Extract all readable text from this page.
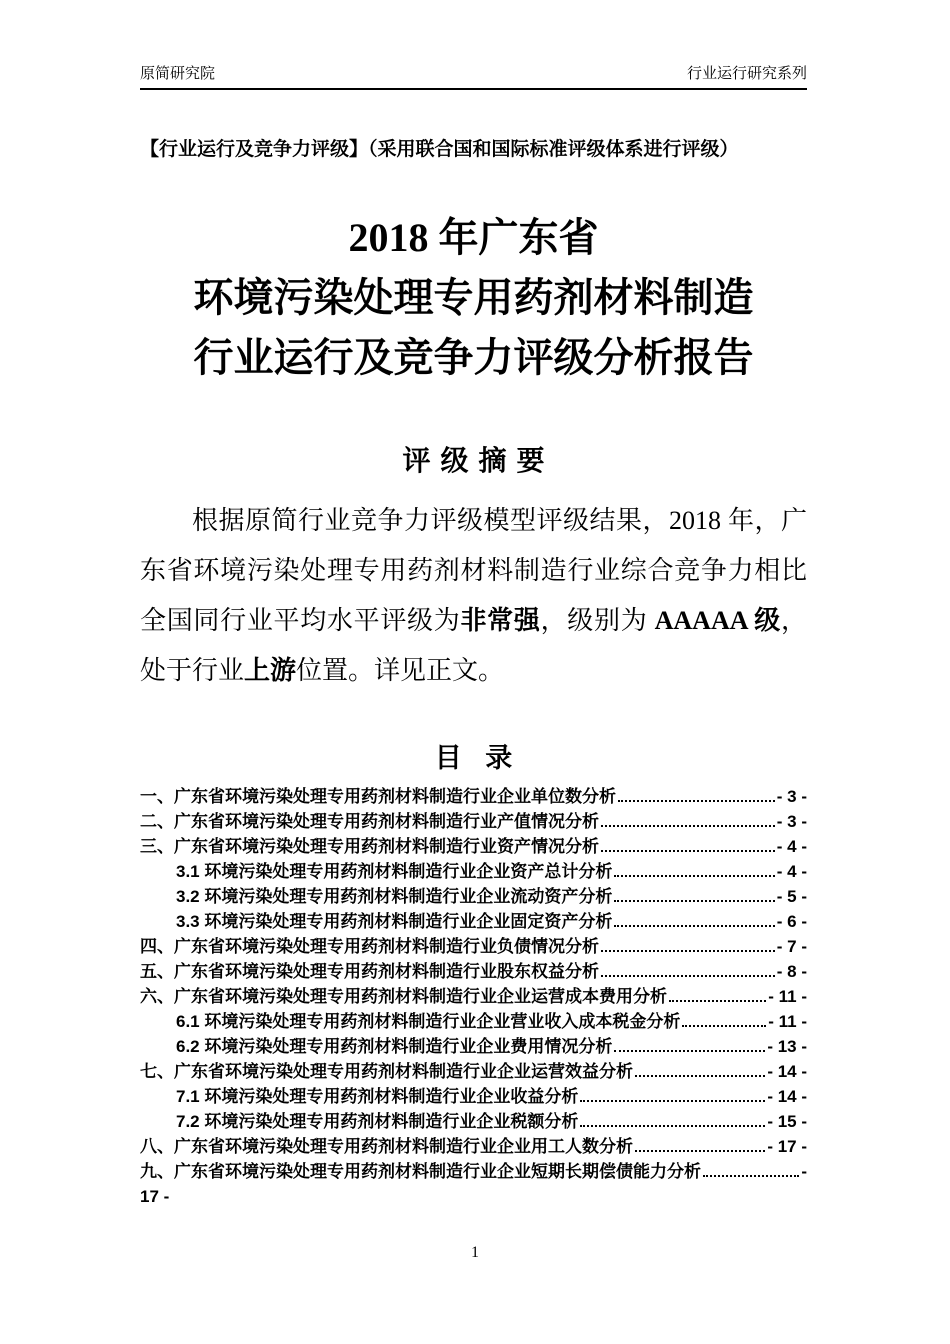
原简研究院	行业运行研究系列
【行业运行及竞争力评级】（采用联合国和国际标准评级体系进行评级）
2018 年广东省
环境污染处理专用药剂材料制造
行业运行及竞争力评级分析报告
评级摘要
根据原简行业竞争力评级模型评级结果，2018 年，广东省环境污染处理专用药剂材料制造行业综合竞争力相比全国同行业平均水平评级为非常强，级别为 AAAAA 级，处于行业上游位置。详见正文。
目 录
一、广东省环境污染处理专用药剂材料制造行业企业单位数分析	- 3 -
二、广东省环境污染处理专用药剂材料制造行业产值情况分析	- 3 -
三、广东省环境污染处理专用药剂材料制造行业资产情况分析	- 4 -
3.1 环境污染处理专用药剂材料制造行业企业资产总计分析	- 4 -
3.2 环境污染处理专用药剂材料制造行业企业流动资产分析	- 5 -
3.3 环境污染处理专用药剂材料制造行业企业固定资产分析	- 6 -
四、广东省环境污染处理专用药剂材料制造行业负债情况分析	- 7 -
五、广东省环境污染处理专用药剂材料制造行业股东权益分析	- 8 -
六、广东省环境污染处理专用药剂材料制造行业企业运营成本费用分析	- 11 -
6.1 环境污染处理专用药剂材料制造行业企业营业收入成本税金分析	- 11 -
6.2 环境污染处理专用药剂材料制造行业企业费用情况分析	- 13 -
七、广东省环境污染处理专用药剂材料制造行业企业运营效益分析	- 14 -
7.1 环境污染处理专用药剂材料制造行业企业收益分析	- 14 -
7.2 环境污染处理专用药剂材料制造行业企业税额分析	- 15 -
八、广东省环境污染处理专用药剂材料制造行业企业用工人数分析	- 17 -
九、广东省环境污染处理专用药剂材料制造行业企业短期长期偿债能力分析	-
17 -
1
